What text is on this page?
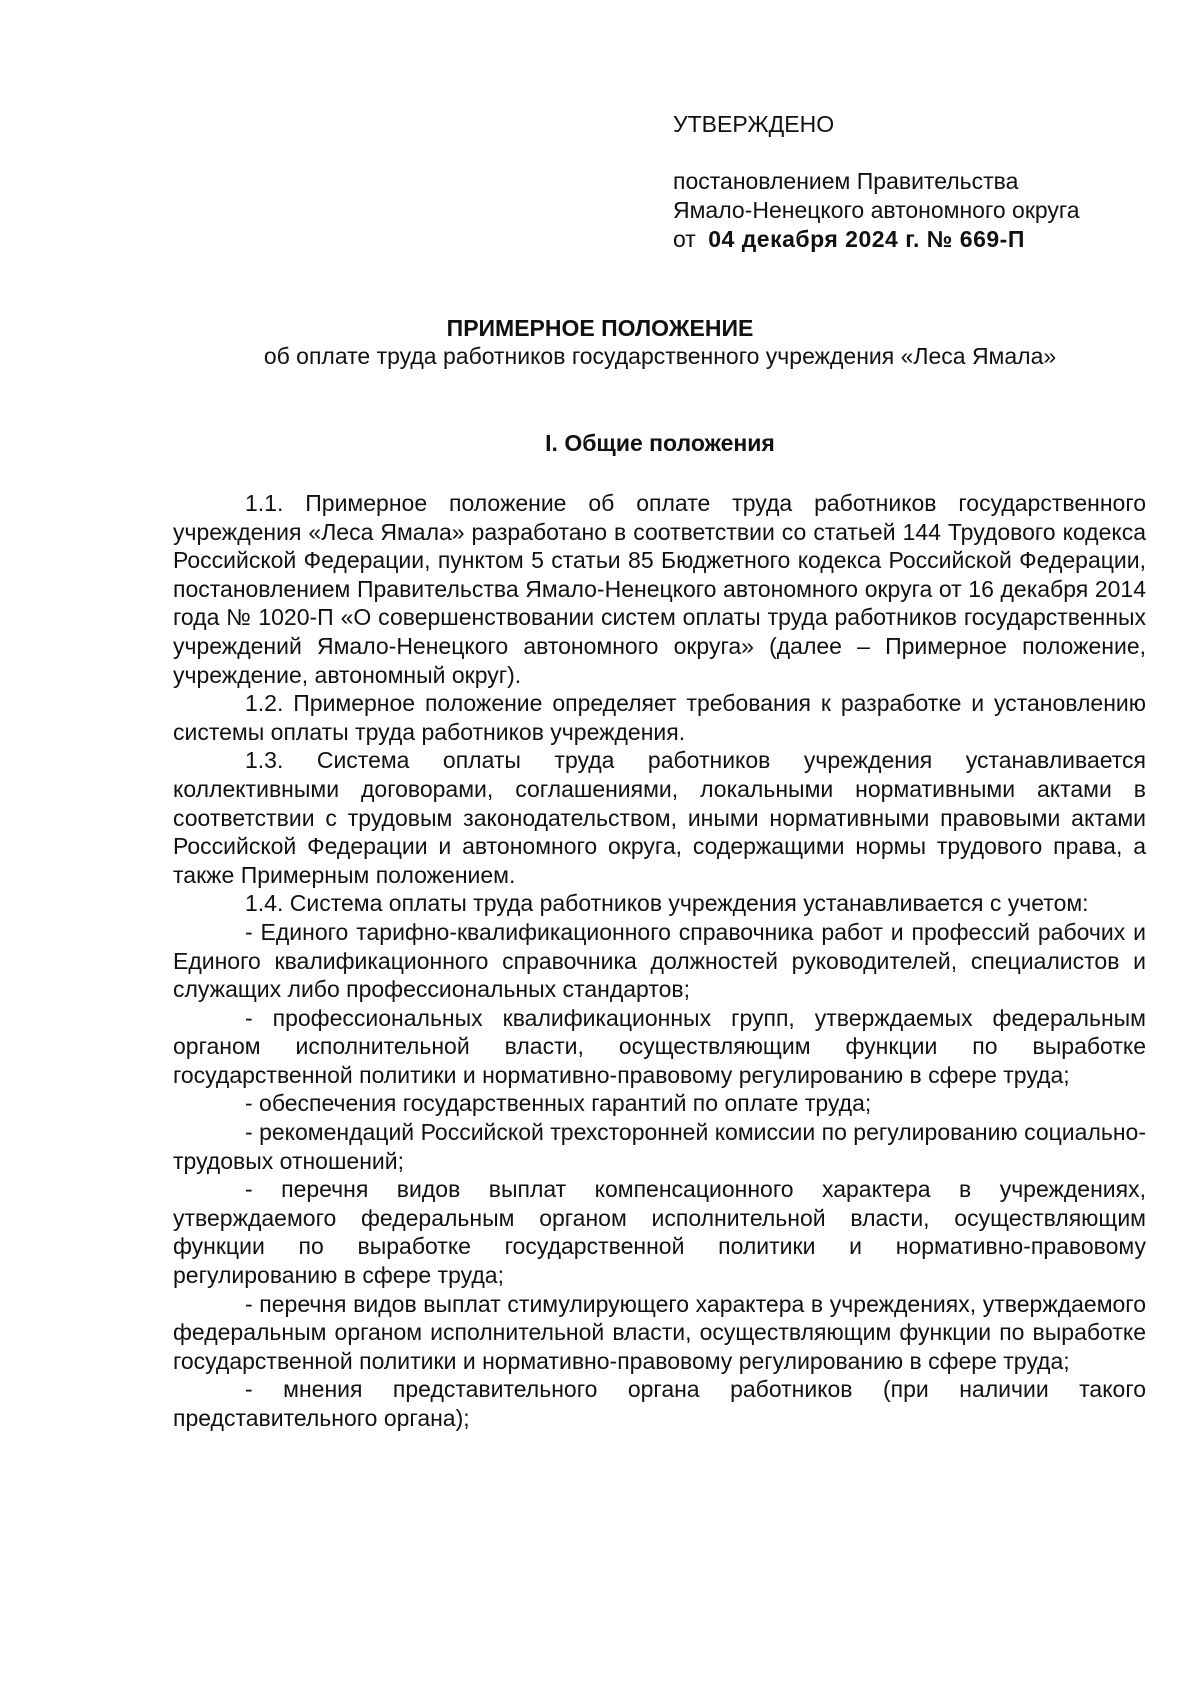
УТВЕРЖДЕНО
постановлением Правительства
Ямало-Ненецкого автономного округа
от 04 декабря 2024 г. № 669-П
ПРИМЕРНОЕ ПОЛОЖЕНИЕ
об оплате труда работников государственного учреждения «Леса Ямала»
I. Общие положения

1.1. Примерное положение об оплате труда работников государственного учреждения «Леса Ямала» разработано в соответствии со статьей 144 Трудового кодекса Российской Федерации, пунктом 5 статьи 85 Бюджетного кодекса Российской Федерации, постановлением Правительства Ямало-Ненецкого автономного округа от 16 декабря 2014 года № 1020-П «О совершенствовании систем оплаты труда работников государственных учреждений Ямало-Ненецкого автономного округа» (далее – Примерное положение, учреждение, автономный округ).

1.2. Примерное положение определяет требования к разработке и установлению системы оплаты труда работников учреждения.

1.3. Система оплаты труда работников учреждения устанавливается коллективными договорами, соглашениями, локальными нормативными актами в соответствии с трудовым законодательством, иными нормативными правовыми актами Российской Федерации и автономного округа, содержащими нормы трудового права, а также Примерным положением.

1.4. Система оплаты труда работников учреждения устанавливается с учетом:

- Единого тарифно-квалификационного справочника работ и профессий рабочих и Единого квалификационного справочника должностей руководителей, специалистов и служащих либо профессиональных стандартов;

- профессиональных квалификационных групп, утверждаемых федеральным органом исполнительной власти, осуществляющим функции по выработке государственной политики и нормативно-правовому регулированию в сфере труда;

- обеспечения государственных гарантий по оплате труда;

- рекомендаций Российской трехсторонней комиссии по регулированию социально-трудовых отношений;

- перечня видов выплат компенсационного характера в учреждениях, утверждаемого федеральным органом исполнительной власти, осуществляющим функции по выработке государственной политики и нормативно-правовому регулированию в сфере труда;

- перечня видов выплат стимулирующего характера в учреждениях, утверждаемого федеральным органом исполнительной власти, осуществляющим функции по выработке государственной политики и нормативно-правовому регулированию в сфере труда;

- мнения представительного органа работников (при наличии такого представительного органа);
